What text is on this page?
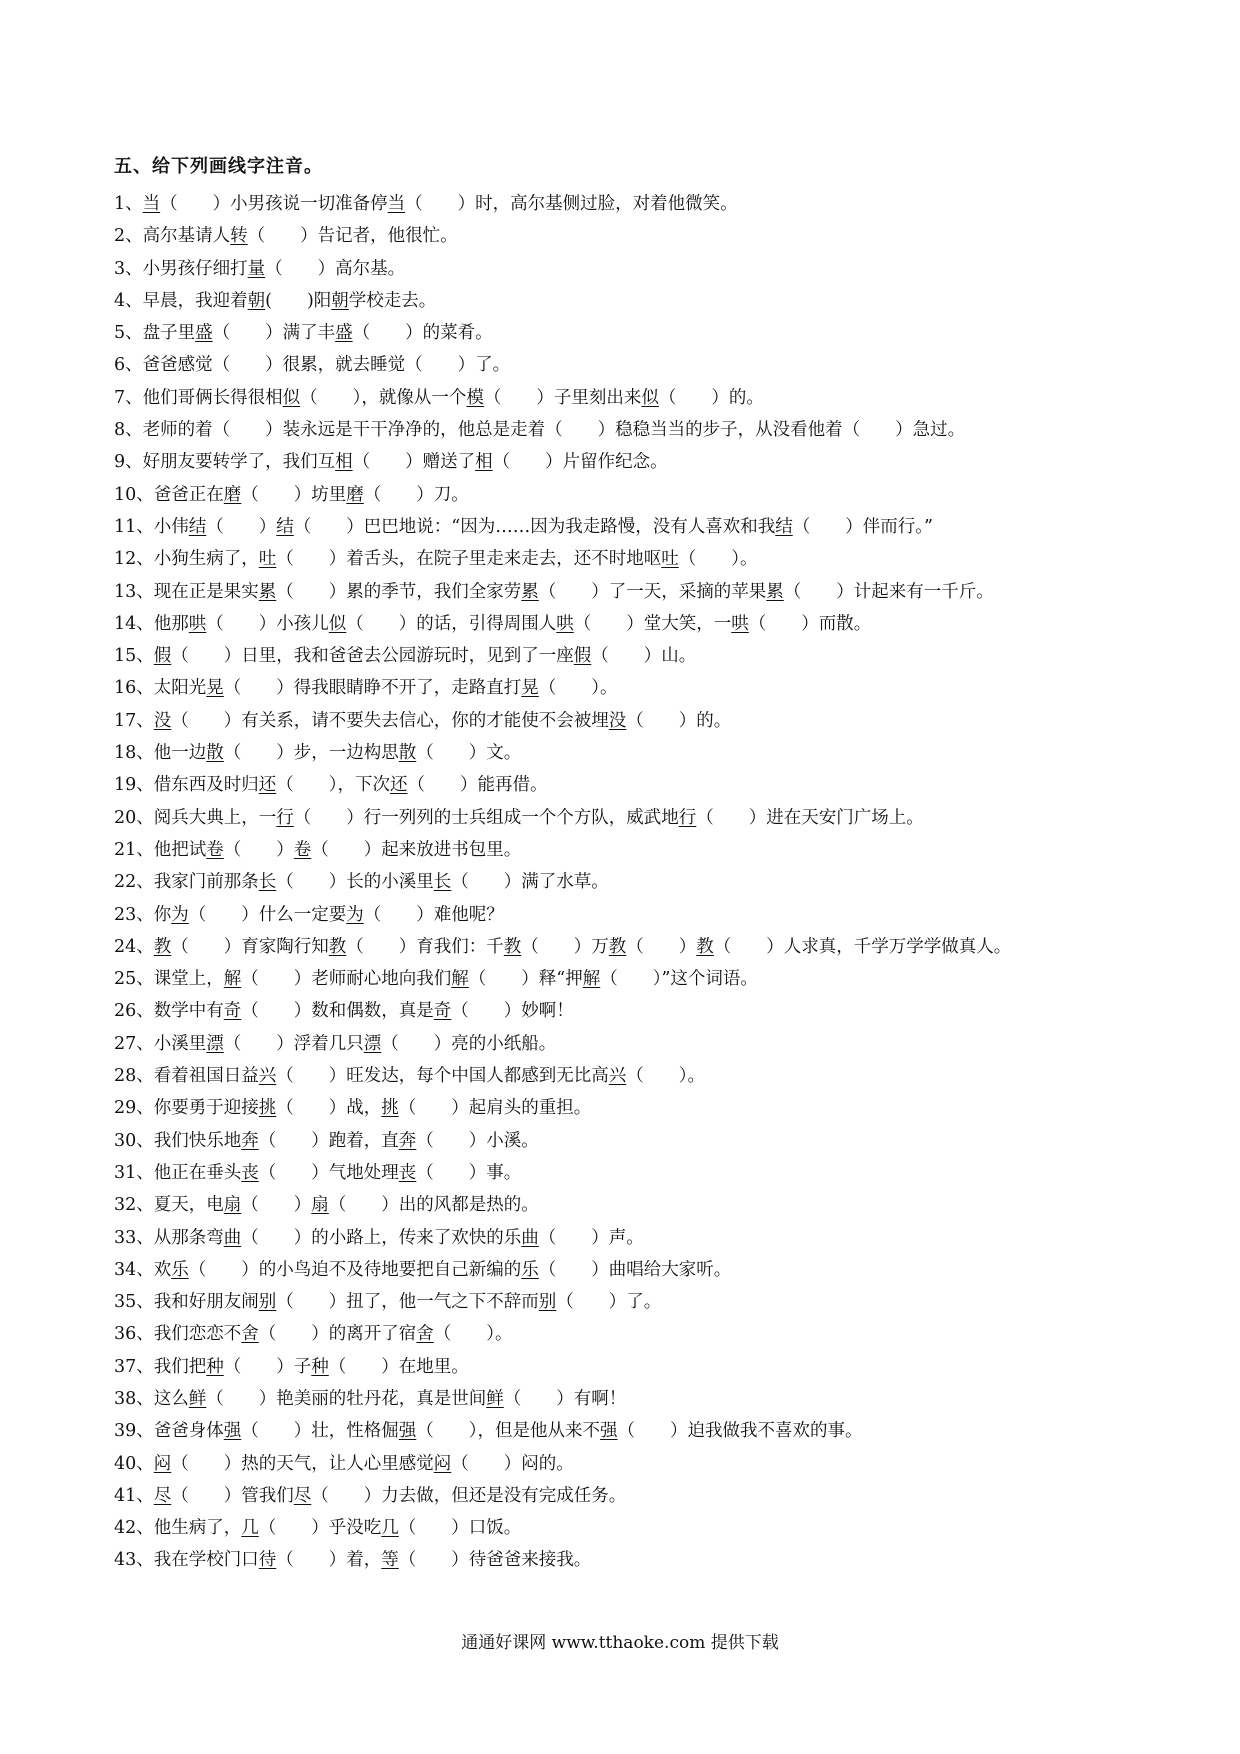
五、给下列画线字注音。
1、当（　　）小男孩说一切准备停当（　　）时，高尔基侧过脸，对着他微笑。
2、高尔基请人转（　　）告记者，他很忙。
3、小男孩仔细打量（　　）高尔基。
4、早晨，我迎着朝(　　)阳朝学校走去。
5、盘子里盛（　　）满了丰盛（　　）的菜肴。
6、爸爸感觉（　　）很累，就去睡觉（　　）了。
7、他们哥俩长得很相似（　　），就像从一个模（　　）子里刻出来似（　　）的。
8、老师的着（　　）装永远是干干净净的，他总是走着（　　）稳稳当当的步子，从没看他着（　　）急过。
9、好朋友要转学了，我们互相（　　）赠送了相（　　）片留作纪念。
10、爸爸正在磨（　　）坊里磨（　　）刀。
11、小伟结（　　）结（　　）巴巴地说：“因为……因为我走路慢，没有人喜欢和我结（　　）伴而行。”
12、小狗生病了，吐（　　）着舌头，在院子里走来走去，还不时地呕吐（　　）。
13、现在正是果实累（　　）累的季节，我们全家劳累（　　）了一天，采摘的苹果累（　　）计起来有一千斤。
14、他那哄（　　）小孩儿似（　　）的话，引得周围人哄（　　）堂大笑，一哄（　　）而散。
15、假（　　）日里，我和爸爸去公园游玩时，见到了一座假（　　）山。
16、太阳光晃（　　）得我眼睛睁不开了，走路直打晃（　　）。
17、没（　　）有关系，请不要失去信心，你的才能使不会被埋没（　　）的。
18、他一边散（　　）步，一边构思散（　　）文。
19、借东西及时归还（　　），下次还（　　）能再借。
20、阅兵大典上，一行（　　）行一列列的士兵组成一个个方队，威武地行（　　）进在天安门广场上。
21、他把试卷（　　）卷（　　）起来放进书包里。
22、我家门前那条长（　　）长的小溪里长（　　）满了水草。
23、你为（　　）什么一定要为（　　）难他呢？
24、教（　　）育家陶行知教（　　）育我们：千教（　　）万教（　　）教（　　）人求真，千学万学学做真人。
25、课堂上，解（　　）老师耐心地向我们解（　　）释“押解（　　）”这个词语。
26、数学中有奇（　　）数和偶数，真是奇（　　）妙啊！
27、小溪里漂（　　）浮着几只漂（　　）亮的小纸船。
28、看着祖国日益兴（　　）旺发达，每个中国人都感到无比高兴（　　）。
29、你要勇于迎接挑（　　）战，挑（　　）起肩头的重担。
30、我们快乐地奔（　　）跑着，直奔（　　）小溪。
31、他正在垂头丧（　　）气地处理丧（　　）事。
32、夏天，电扇（　　）扇（　　）出的风都是热的。
33、从那条弯曲（　　）的小路上，传来了欢快的乐曲（　　）声。
34、欢乐（　　）的小鸟迫不及待地要把自己新编的乐（　　）曲唱给大家听。
35、我和好朋友闹别（　　）扭了，他一气之下不辞而别（　　）了。
36、我们恋恋不舍（　　）的离开了宿舍（　　）。
37、我们把种（　　）子种（　　）在地里。
38、这么鲜（　　）艳美丽的牡丹花，真是世间鲜（　　）有啊！
39、爸爸身体强（　　）壮，性格倔强（　　），但是他从来不强（　　）迫我做我不喜欢的事。
40、闷（　　）热的天气，让人心里感觉闷（　　）闷的。
41、尽（　　）管我们尽（　　）力去做，但还是没有完成任务。
42、他生病了，几（　　）乎没吃几（　　）口饭。
43、我在学校门口待（　　）着，等（　　）待爸爸来接我。
通通好课网 www.tthaoke.com 提供下载
